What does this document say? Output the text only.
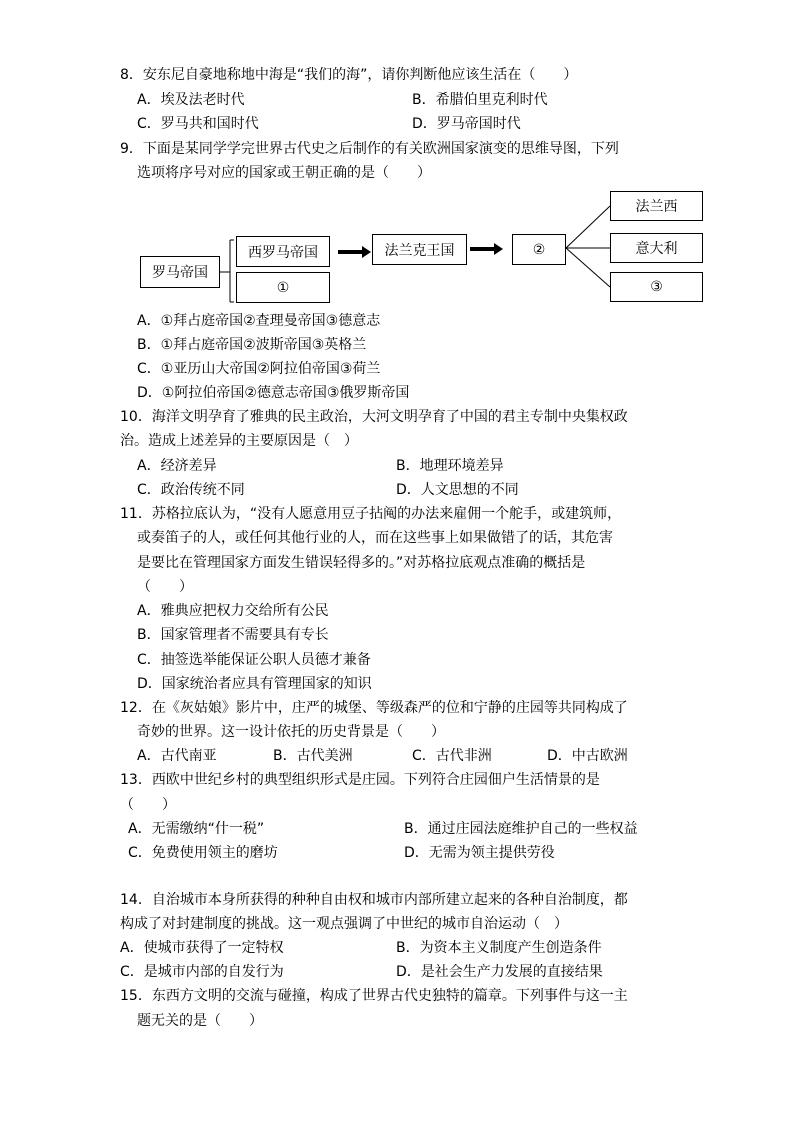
8．安东尼自豪地称地中海是“我们的海”，请你判断他应该生活在（　　）
A．埃及法老时代	B．希腊伯里克利时代
C．罗马共和国时代	D．罗马帝国时代
9．下面是某同学学完世界古代史之后制作的有关欧洲国家演变的思维导图，下列
选项将序号对应的国家或王朝正确的是（　　）
罗马帝国
西罗马帝国
①
法兰克王国	②
法兰西
意大利
③
A．①拜占庭帝国②查理曼帝国③德意志
B．①拜占庭帝国②波斯帝国③英格兰
C．①亚历山大帝国②阿拉伯帝国③荷兰
D．①阿拉伯帝国②德意志帝国③俄罗斯帝国
10．海洋文明孕育了雅典的民主政治，大河文明孕育了中国的君主专制中央集权政
治。造成上述差异的主要原因是（　）
A．经济差异	B．地理环境差异
C．政治传统不同	D．人文思想的不同
11．苏格拉底认为，“没有人愿意用豆子拈阄的办法来雇佣一个舵手，或建筑师，
或奏笛子的人，或任何其他行业的人，而在这些事上如果做错了的话，其危害
是要比在管理国家方面发生错误轻得多的。”对苏格拉底观点准确的概括是
（　　）
A．雅典应把权力交给所有公民
B．国家管理者不需要具有专长
C．抽签选举能保证公职人员德才兼备
D．国家统治者应具有管理国家的知识
12．在《灰姑娘》影片中，庄严的城堡、等级森严的位和宁静的庄园等共同构成了
奇妙的世界。这一设计依托的历史背景是（　　）
A．古代南亚	B．古代美洲	C．古代非洲	D．中古欧洲
13．西欧中世纪乡村的典型组织形式是庄园。下列符合庄园佃户生活情景的是
（　　）
A．无需缴纳“什一税”	B．通过庄园法庭维护自己的一些权益
C．免费使用领主的磨坊	D．无需为领主提供劳役
14．自治城市本身所获得的种种自由权和城市内部所建立起来的各种自治制度，都
构成了对封建制度的挑战。这一观点强调了中世纪的城市自治运动（　）
A．使城市获得了一定特权	B．为资本主义制度产生创造条件
C．是城市内部的自发行为	D．是社会生产力发展的直接结果
15．东西方文明的交流与碰撞，构成了世界古代史独特的篇章。下列事件与这一主
题无关的是（　　）
